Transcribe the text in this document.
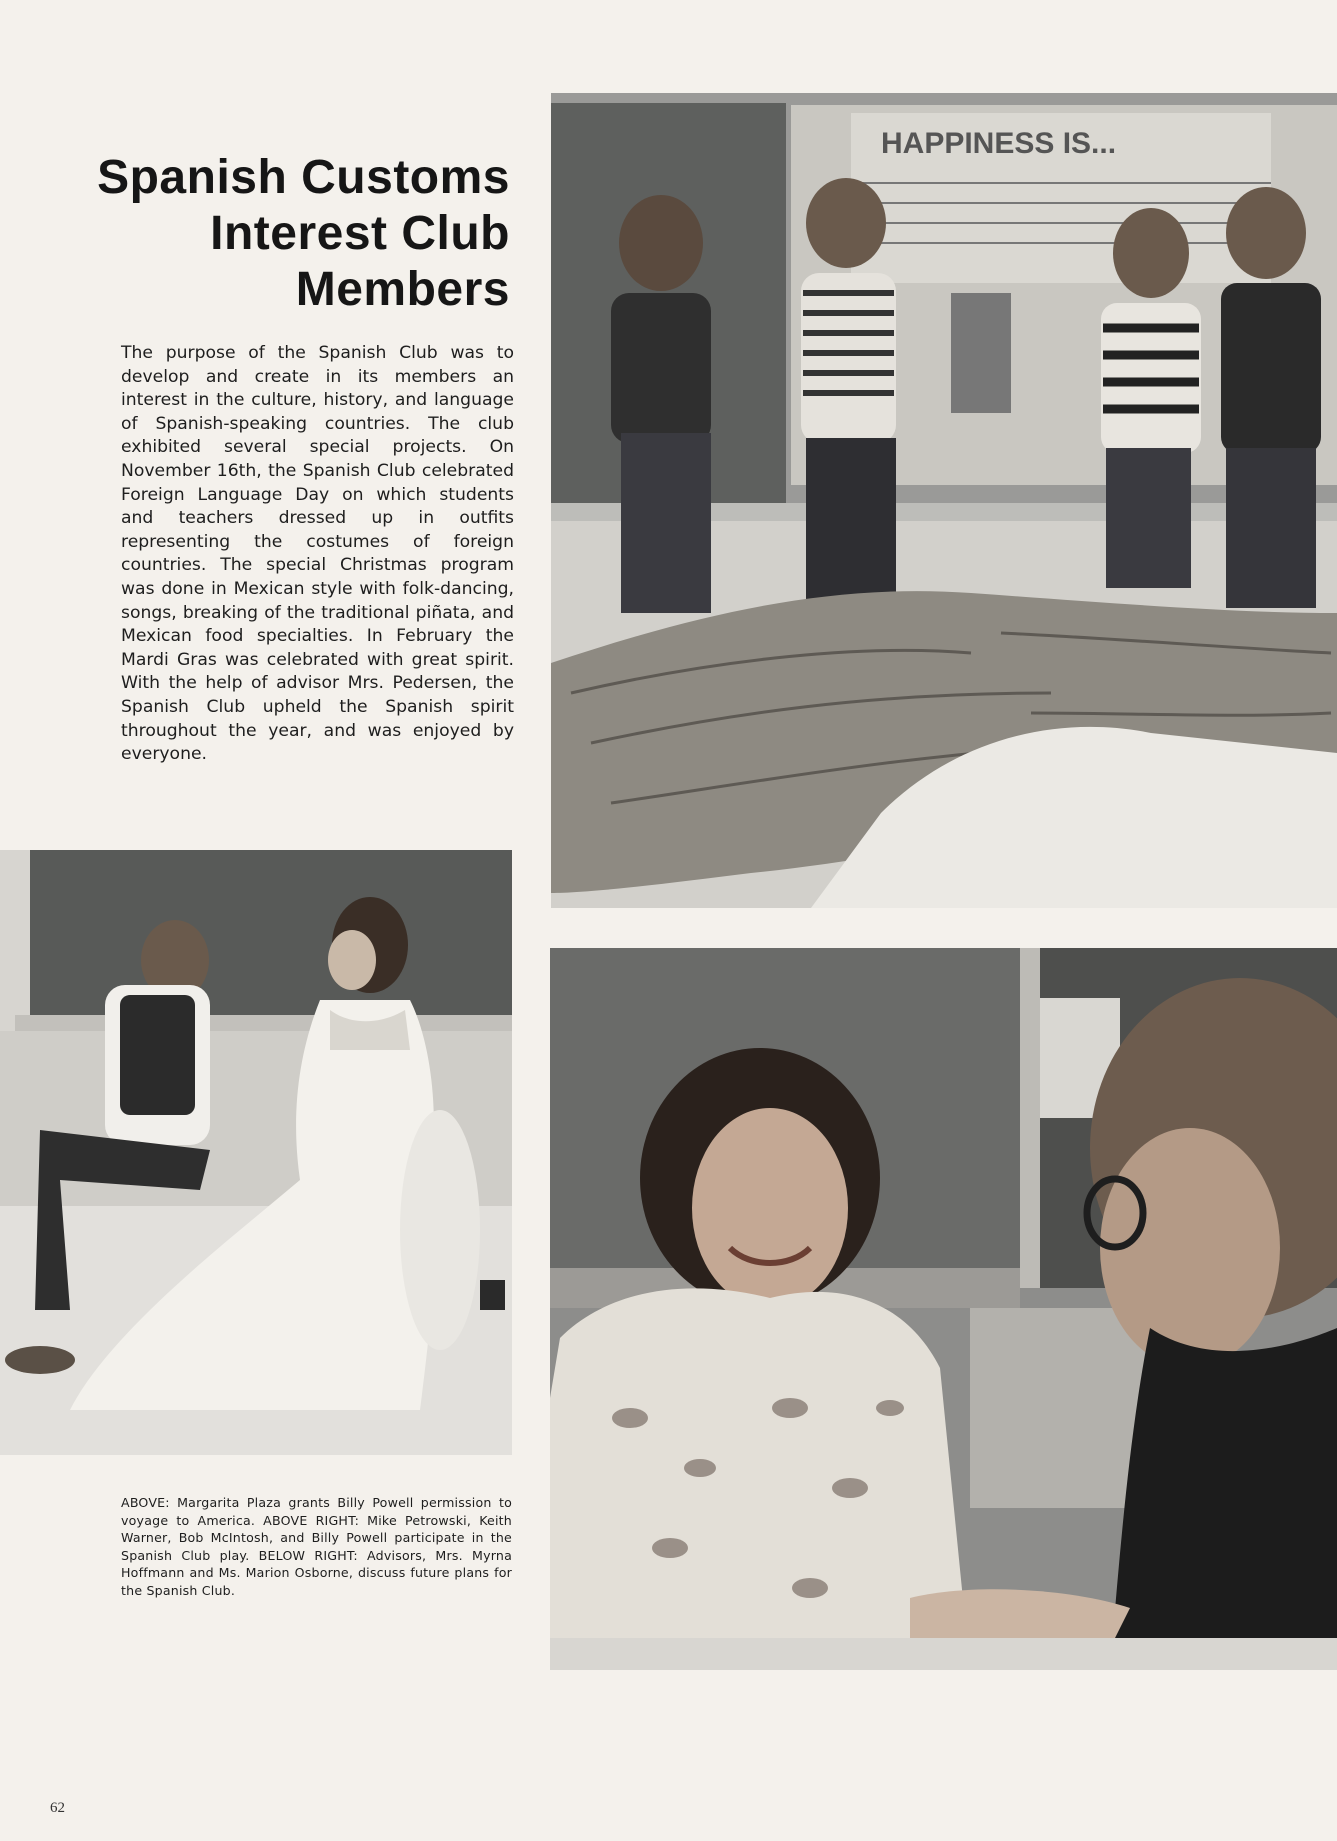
Spanish Customs
Interest Club
Members
The purpose of the Spanish Club was to develop and create in its members an interest in the culture, history, and language of Spanish-speaking countries. The club exhibited several special projects. On November 16th, the Spanish Club celebrated Foreign Language Day on which students and teachers dressed up in outfits representing the costumes of foreign countries. The special Christmas program was done in Mexican style with folk-dancing, songs, breaking of the traditional piñata, and Mexican food specialties. In February the Mardi Gras was celebrated with great spirit. With the help of advisor Mrs. Pedersen, the Spanish Club upheld the Spanish spirit throughout the year, and was enjoyed by everyone.
HAPPINESS IS...
ABOVE: Margarita Plaza grants Billy Powell permission to voyage to America. ABOVE RIGHT: Mike Petrowski, Keith Warner, Bob McIntosh, and Billy Powell participate in the Spanish Club play. BELOW RIGHT: Advisors, Mrs. Myrna Hoffmann and Ms. Marion Osborne, discuss future plans for the Spanish Club.
62
